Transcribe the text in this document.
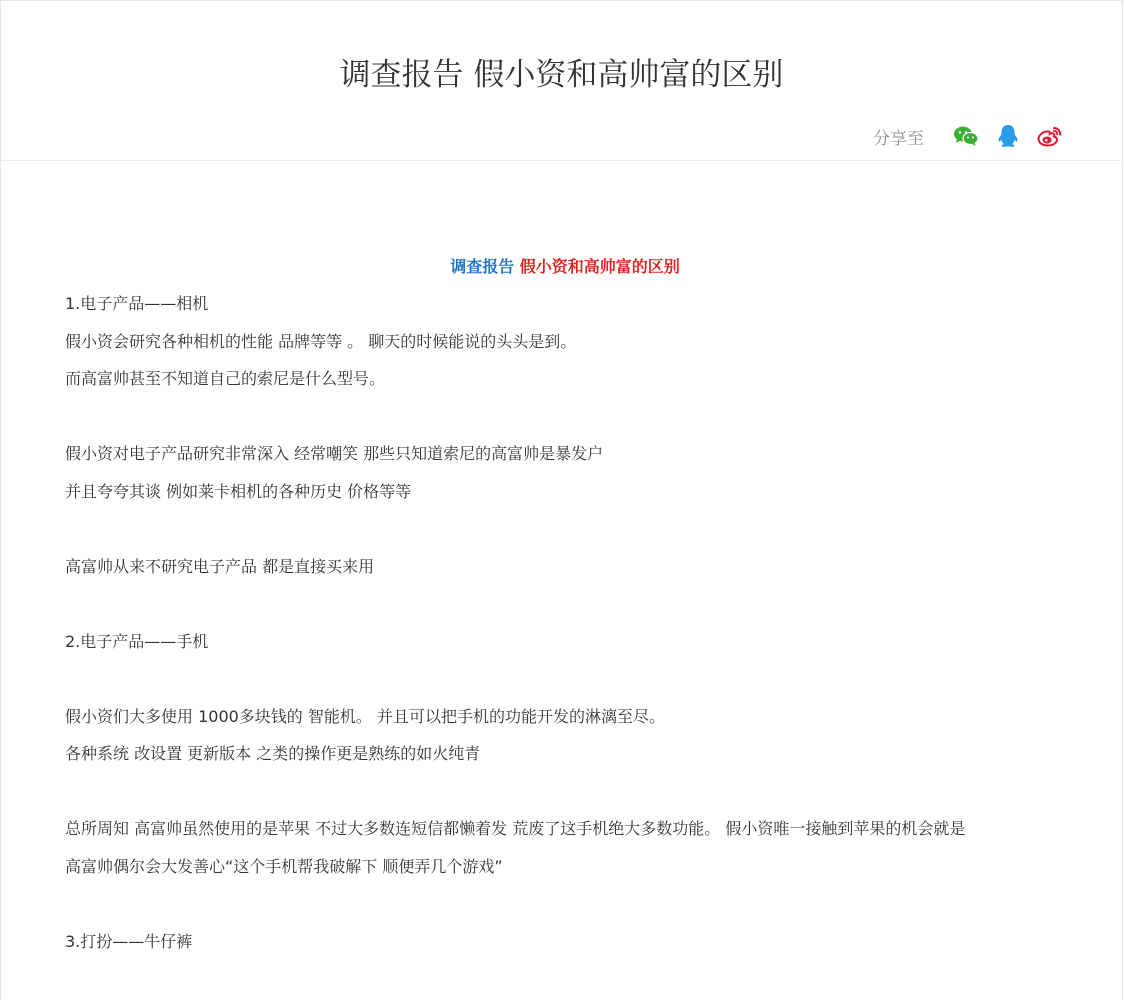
调查报告 假小资和高帅富的区别
分享至

调查报告 假小资和高帅富的区别

1.电子产品——相机

假小资会研究各种相机的性能 品牌等等 。 聊天的时候能说的头头是到。

而高富帅甚至不知道自己的索尼是什么型号。

假小资对电子产品研究非常深入 经常嘲笑 那些只知道索尼的高富帅是暴发户

并且夸夸其谈 例如莱卡相机的各种历史 价格等等

高富帅从来不研究电子产品 都是直接买来用

2.电子产品——手机

假小资们大多使用 1000多块钱的 智能机。 并且可以把手机的功能开发的淋漓至尽。

各种系统 改设置 更新版本 之类的操作更是熟练的如火纯青

总所周知 高富帅虽然使用的是苹果 不过大多数连短信都懒着发 荒废了这手机绝大多数功能。 假小资唯一接触到苹果的机会就是

高富帅偶尔会大发善心“这个手机帮我破解下 顺便弄几个游戏”

3.打扮——牛仔裤
